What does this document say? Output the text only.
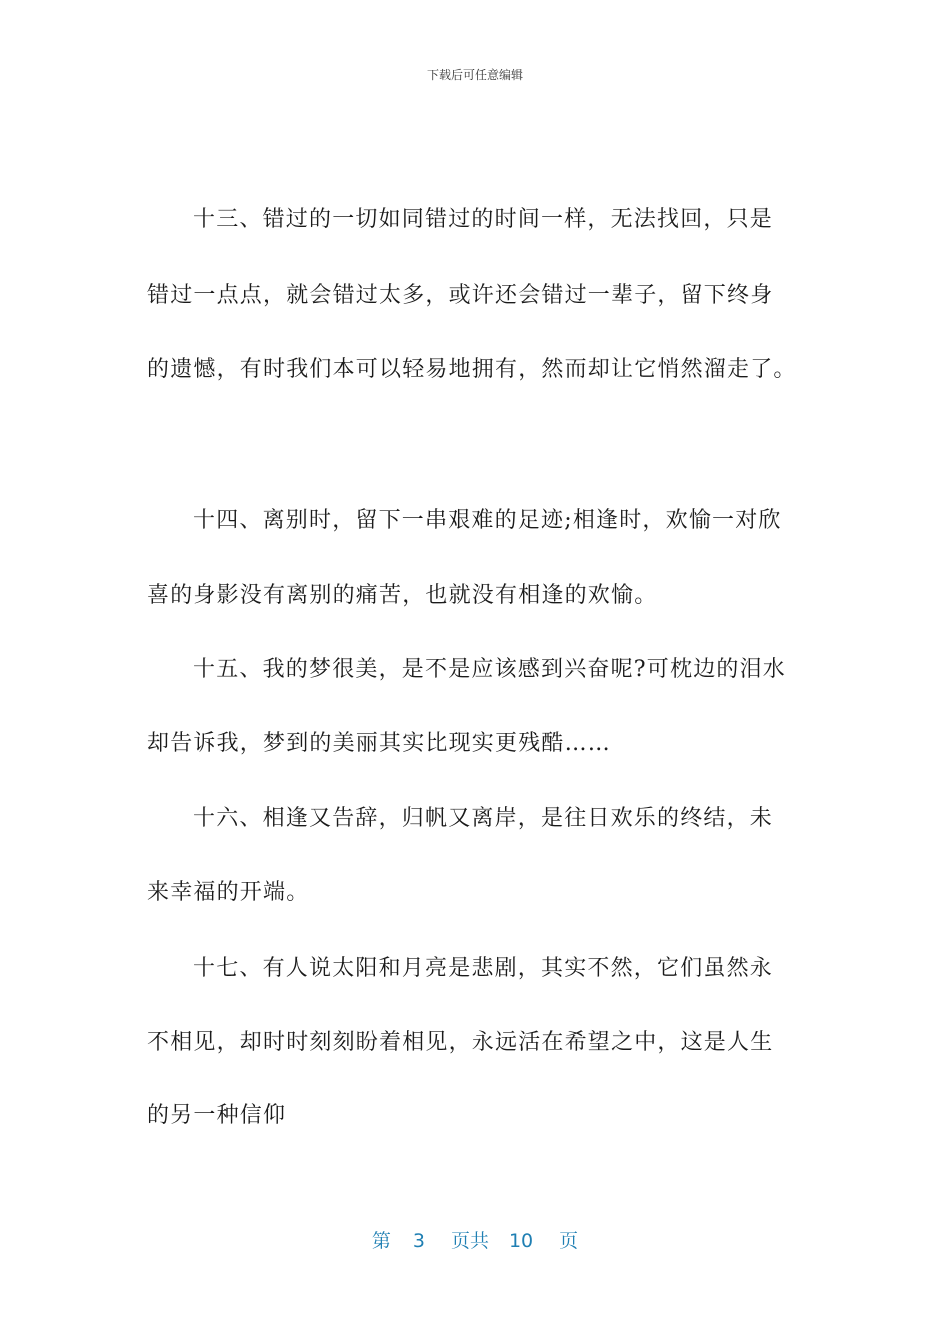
下载后可任意编辑
十三、错过的一切如同错过的时间一样，无法找回，只是
错过一点点，就会错过太多，或许还会错过一辈子，留下终身
的遗憾，有时我们本可以轻易地拥有，然而却让它悄然溜走了。
十四、离别时，留下一串艰难的足迹;相逢时，欢愉一对欣
喜的身影没有离别的痛苦，也就没有相逢的欢愉。
十五、我的梦很美，是不是应该感到兴奋呢?可枕边的泪水
却告诉我，梦到的美丽其实比现实更残酷……
十六、相逢又告辞，归帆又离岸，是往日欢乐的终结，未
来幸福的开端。
十七、有人说太阳和月亮是悲剧，其实不然，它们虽然永
不相见，却时时刻刻盼着相见，永远活在希望之中，这是人生
的另一种信仰
第 3 页共 10 页
